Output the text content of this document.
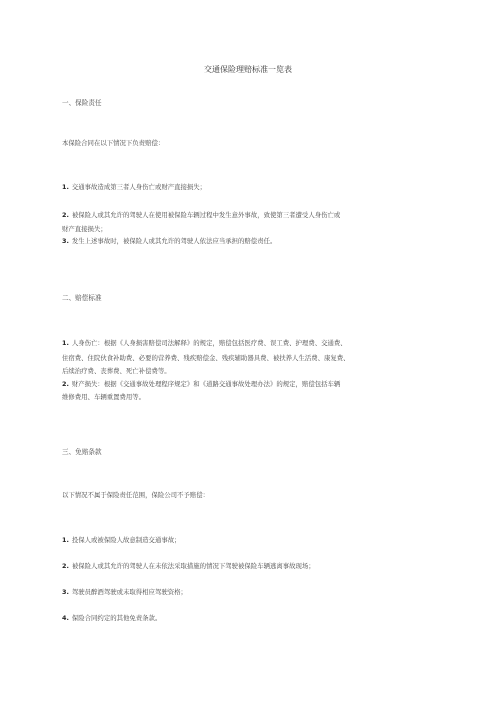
交通保险理赔标准一览表
一、保险责任
本保险合同在以下情况下负责赔偿：
1. 交通事故造成第三者人身伤亡或财产直接损失；
2. 被保险人或其允许的驾驶人在使用被保险车辆过程中发生意外事故，致使第三者遭受人身伤亡或
财产直接损失；
3. 发生上述事故时，被保险人或其允许的驾驶人依法应当承担的赔偿责任。
二、赔偿标准
1. 人身伤亡：根据《人身损害赔偿司法解释》的规定，赔偿包括医疗费、误工费、护理费、交通费、
住宿费、住院伙食补助费、必要的营养费、残疾赔偿金、残疾辅助器具费、被扶养人生活费、康复费、
后续治疗费、丧葬费、死亡补偿费等。
2. 财产损失：根据《交通事故处理程序规定》和《道路交通事故处理办法》的规定，赔偿包括车辆
维修费用、车辆重置费用等。
三、免赔条款
以下情况不属于保险责任范围，保险公司不予赔偿：
1. 投保人或被保险人故意制造交通事故；
2. 被保险人或其允许的驾驶人在未依法采取措施的情况下驾驶被保险车辆逃离事故现场；
3. 驾驶员醉酒驾驶或未取得相应驾驶资格；
4. 保险合同约定的其他免责条款。
